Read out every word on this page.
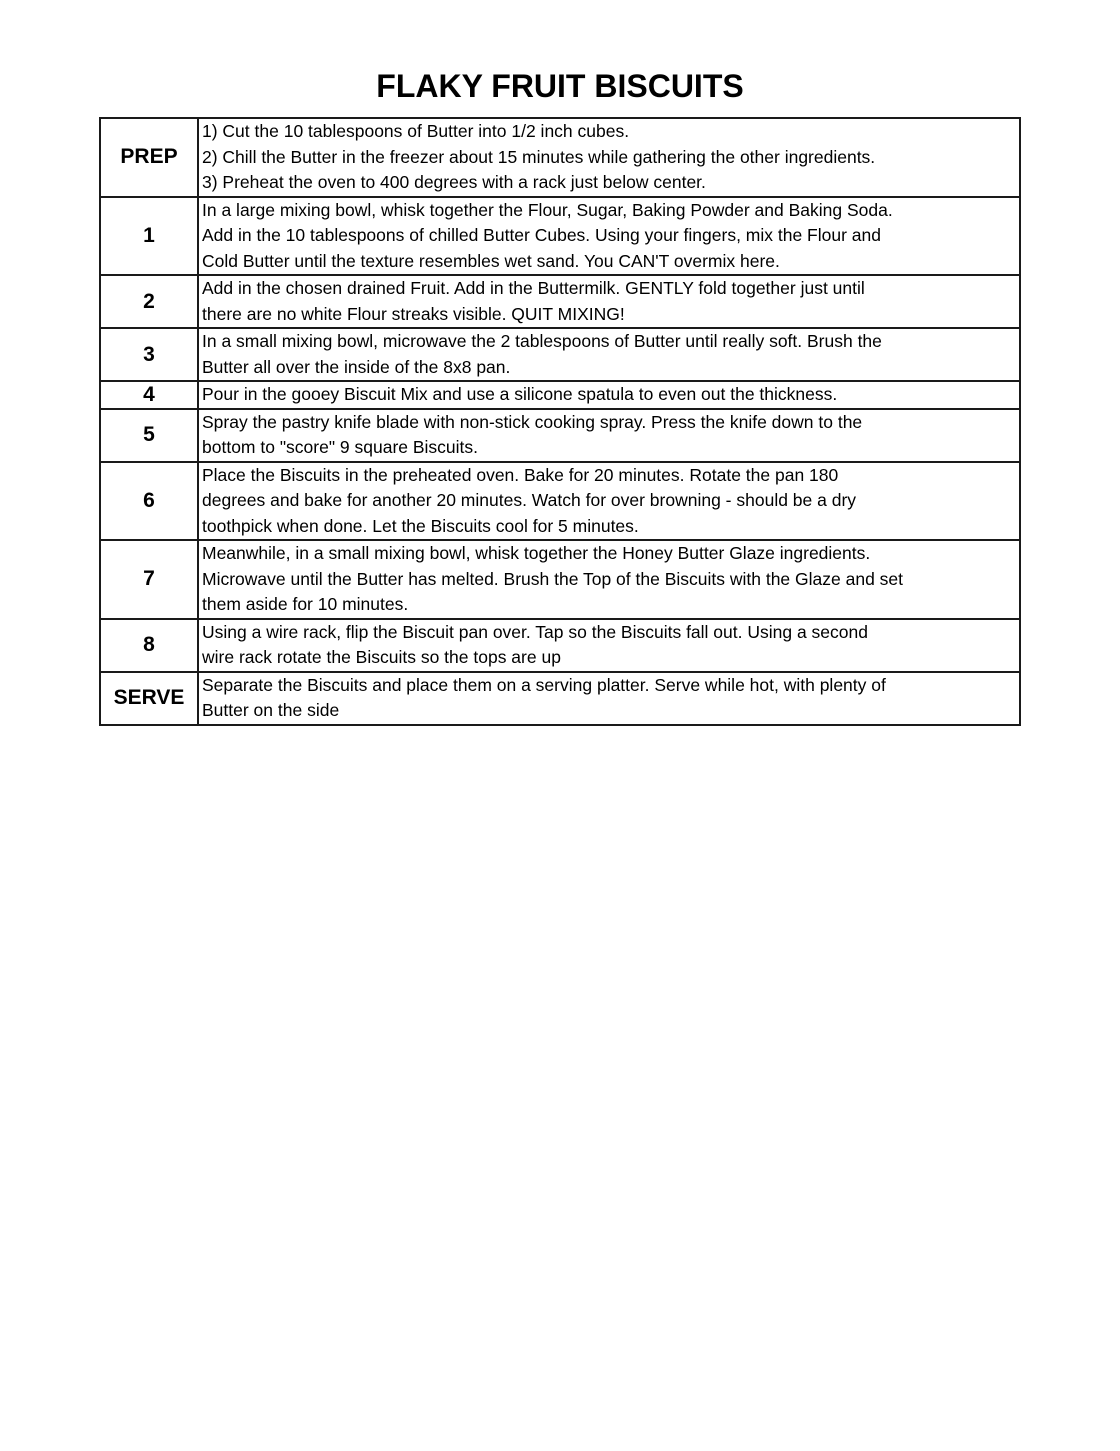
FLAKY FRUIT BISCUITS
PREP	1) Cut the 10 tablespoons of Butter into 1/2 inch cubes.
2) Chill the Butter in the freezer about 15 minutes while gathering the other ingredients.
3) Preheat the oven to 400 degrees with a rack just below center.
1	In a large mixing bowl, whisk together the Flour, Sugar, Baking Powder and Baking Soda.
Add in the 10 tablespoons of chilled Butter Cubes. Using your fingers, mix the Flour and
Cold Butter until the texture resembles wet sand. You CAN'T overmix here.
2	Add in the chosen drained Fruit. Add in the Buttermilk. GENTLY fold together just until
there are no white Flour streaks visible. QUIT MIXING!
3	In a small mixing bowl, microwave the 2 tablespoons of Butter until really soft. Brush the
Butter all over the inside of the 8x8 pan.
4	Pour in the gooey Biscuit Mix and use a silicone spatula to even out the thickness.
5	Spray the pastry knife blade with non-stick cooking spray. Press the knife down to the
bottom to "score" 9 square Biscuits.
6	Place the Biscuits in the preheated oven. Bake for 20 minutes. Rotate the pan 180
degrees and bake for another 20 minutes. Watch for over browning - should be a dry
toothpick when done. Let the Biscuits cool for 5 minutes.
7	Meanwhile, in a small mixing bowl, whisk together the Honey Butter Glaze ingredients.
Microwave until the Butter has melted. Brush the Top of the Biscuits with the Glaze and set
them aside for 10 minutes.
8	Using a wire rack, flip the Biscuit pan over. Tap so the Biscuits fall out. Using a second
wire rack rotate the Biscuits so the tops are up
SERVE	Separate the Biscuits and place them on a serving platter. Serve while hot, with plenty of
Butter on the side
